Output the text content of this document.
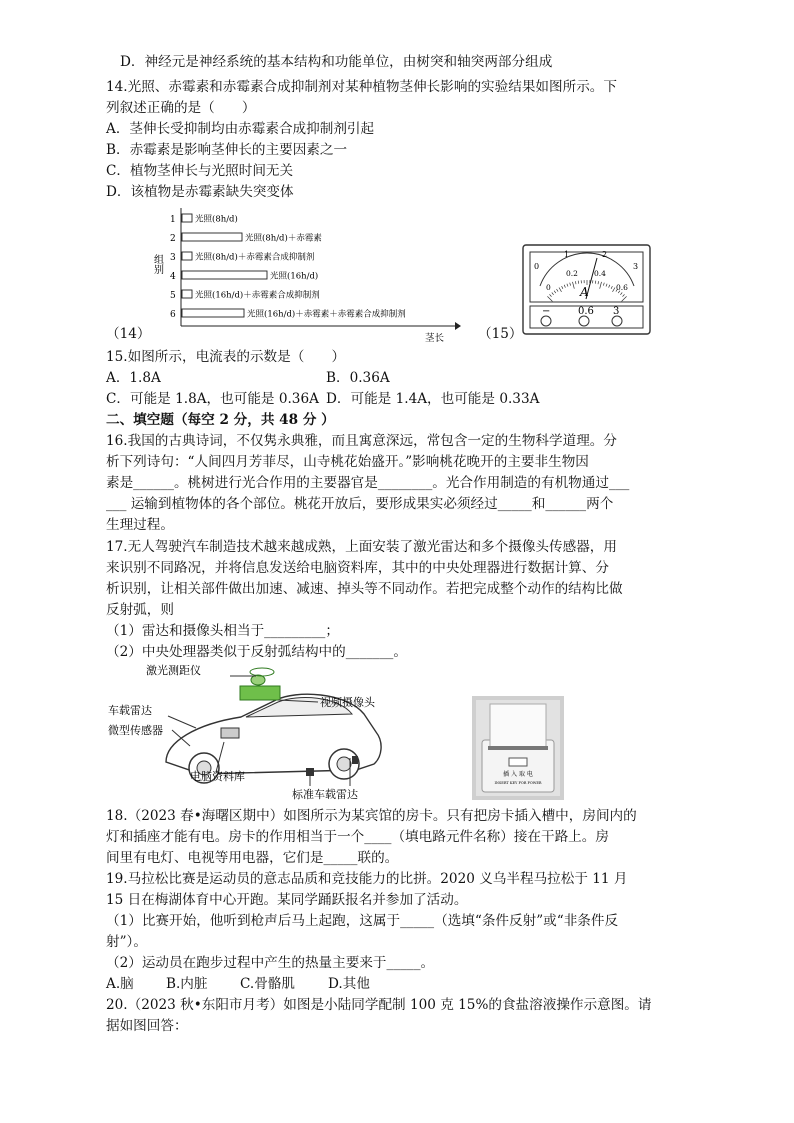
D．神经元是神经系统的基本结构和功能单位，由树突和轴突两部分组成
14.光照、赤霉素和赤霉素合成抑制剂对某种植物茎伸长影响的实验结果如图所示。下
列叙述正确的是（　　）
A．茎伸长受抑制均由赤霉素合成抑制剂引起
B．赤霉素是影响茎伸长的主要因素之一
C．植物茎伸长与光照时间无关
D．该植物是赤霉素缺失突变体
组别
茎长
1 光照(8h/d)
2	光照(8h/d)＋赤霉素
3 光照(8h/d)＋赤霉素合成抑制剂
4	光照(16h/d)
5 光照(16h/d)＋赤霉素合成抑制剂
6	光照(16h/d)＋赤霉素＋赤霉素合成抑制剂
（14）
0
1	2
3
0
0.2 0.4
0.6
A
−	0.6 3
（15）
15.如图所示，电流表的示数是（　　）
A．1.8A	B．0.36A
C．可能是 1.8A，也可能是 0.36A D．可能是 1.4A，也可能是 0.33A
二、填空题（每空 2 分，共 48 分 ）
16.我国的古典诗词，不仅隽永典雅，而且寓意深远，常包含一定的生物科学道理。分
析下列诗句：“人间四月芳菲尽，山寺桃花始盛开。”影响桃花晚开的主要非生物因
素是______。桃树进行光合作用的主要器官是________。光合作用制造的有机物通过___
___ 运输到植物体的各个部位。桃花开放后，要形成果实必须经过_____和______两个
生理过程。
17.无人驾驶汽车制造技术越来越成熟，上面安装了激光雷达和多个摄像头传感器，用
来识别不同路况，并将信息发送给电脑资料库，其中的中央处理器进行数据计算、分
析识别，让相关部件做出加速、减速、掉头等不同动作。若把完成整个动作的结构比做
反射弧，则
（1）雷达和摄像头相当于_________；
（2）中央处理器类似于反射弧结构中的_______。
激光测距仪
车载雷达
微型传感器
视频摄像头
电脑资料库
标准车载雷达
插 入 取 电
INSERT KEY FOR POWER
18.（2023 春•海曙区期中）如图所示为某宾馆的房卡。只有把房卡插入槽中，房间内的
灯和插座才能有电。房卡的作用相当于一个____（填电路元件名称）接在干路上。房
间里有电灯、电视等用电器，它们是_____联的。
19.马拉松比赛是运动员的意志品质和竞技能力的比拼。2020 义乌半程马拉松于 11 月
15 日在梅湖体育中心开跑。某同学踊跃报名并参加了活动。
（1）比赛开始，他听到枪声后马上起跑，这属于_____（选填“条件反射”或“非条件反
射”）。
（2）运动员在跑步过程中产生的热量主要来于_____。
A.脑 B.内脏 C.骨骼肌 D.其他
20.（2023 秋•东阳市月考）如图是小陆同学配制 100 克 15%的食盐溶液操作示意图。请
据如图回答：
